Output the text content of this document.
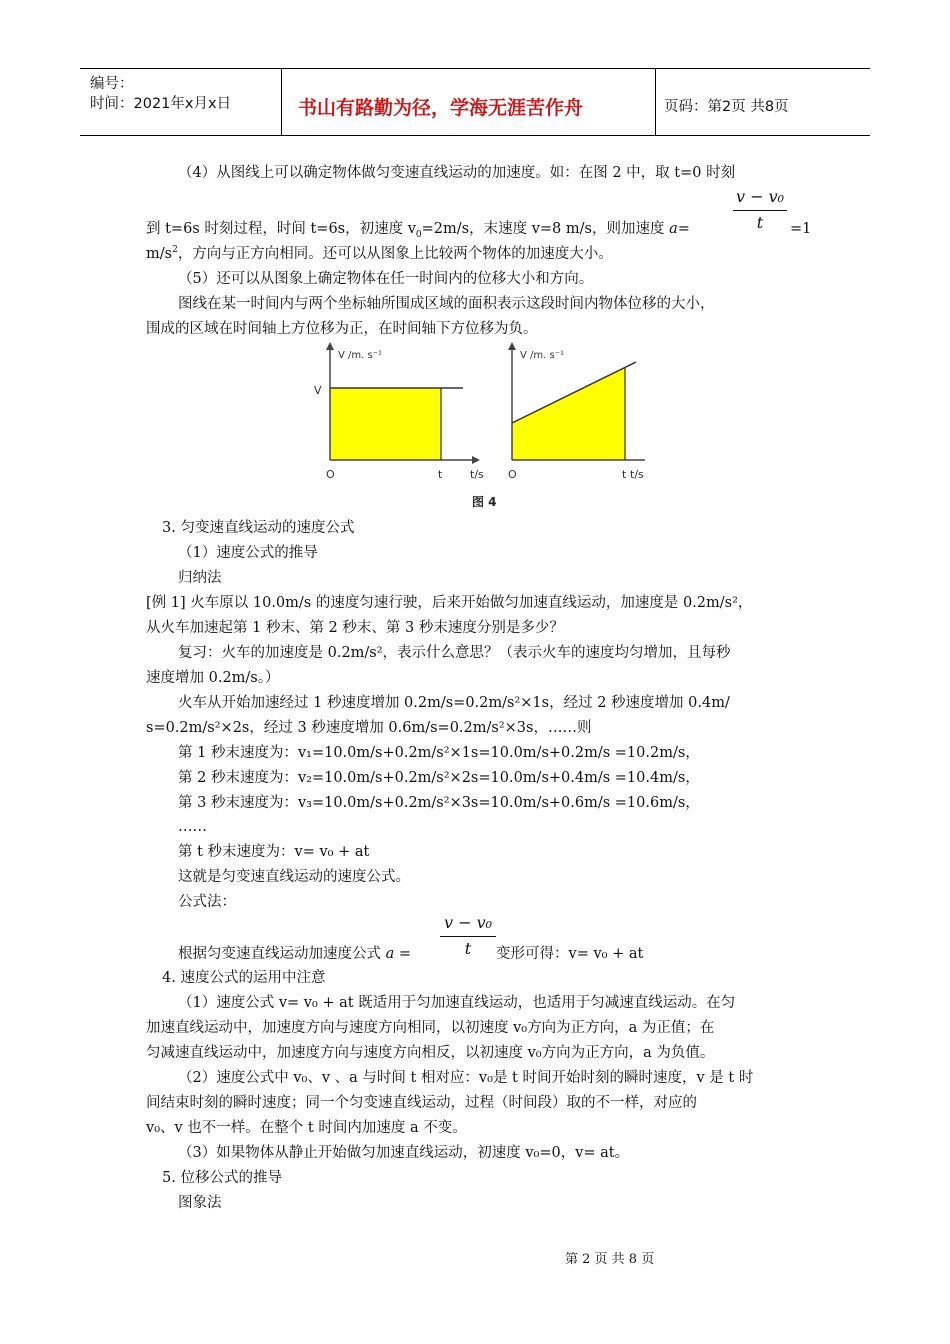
编号：
时间：2021年x月x日	书山有路勤为径，学海无涯苦作舟	页码：第2页 共8页
（4）从图线上可以确定物体做匀变速直线运动的加速度。如：在图 2 中，取 t=0 时刻
v − v₀
t
到 t=6s 时刻过程，时间 t=6s，初速度 $v_0=2m/s$，末速度 v=8 m/s，则加速度 a=	=1
$m/s^2$，方向与正方向相同。还可以从图象上比较两个物体的加速度大小。
（5）还可以从图象上确定物体在任一时间内的位移大小和方向。
图线在某一时间内与两个坐标轴所围成区域的面积表示这段时间内物体位移的大小，
围成的区域在时间轴上方位移为正，在时间轴下方位移为负。
V /m. s⁻¹
V
O	t	t/s
V /m. s⁻¹
O	t t/s
图 4
3. 匀变速直线运动的速度公式
（1）速度公式的推导
归纳法
[例 1] 火车原以 10.0m/s 的速度匀速行驶，后来开始做匀加速直线运动，加速度是 0.2m/s²，
从火车加速起第 1 秒末、第 2 秒末、第 3 秒末速度分别是多少？
复习：火车的加速度是 0.2m/s²，表示什么意思？（表示火车的速度均匀增加，且每秒
速度增加 0.2m/s。）
火车从开始加速经过 1 秒速度增加 0.2m/s=0.2m/s²×1s，经过 2 秒速度增加 0.4m/
s=0.2m/s²×2s，经过 3 秒速度增加 0.6m/s=0.2m/s²×3s，……则
第 1 秒末速度为：v₁=10.0m/s+0.2m/s²×1s=10.0m/s+0.2m/s =10.2m/s，
第 2 秒末速度为：v₂=10.0m/s+0.2m/s²×2s=10.0m/s+0.4m/s =10.4m/s，
第 3 秒末速度为：v₃=10.0m/s+0.2m/s²×3s=10.0m/s+0.6m/s =10.6m/s，
……
第 t 秒末速度为：v= v₀ + at
这就是匀变速直线运动的速度公式。
公式法：
v − v₀
t
根据匀变速直线运动加速度公式 a =	变形可得：v= v₀ + at
4. 速度公式的运用中注意
（1）速度公式 v= v₀ + at 既适用于匀加速直线运动，也适用于匀减速直线运动。在匀
加速直线运动中，加速度方向与速度方向相同，以初速度 v₀方向为正方向，a 为正值；在
匀减速直线运动中，加速度方向与速度方向相反，以初速度 v₀方向为正方向，a 为负值。
（2）速度公式中 v₀、v 、a 与时间 t 相对应：v₀是 t 时间开始时刻的瞬时速度，v 是 t 时
间结束时刻的瞬时速度；同一个匀变速直线运动，过程（时间段）取的不一样，对应的
v₀、v 也不一样。在整个 t 时间内加速度 a 不变。
（3）如果物体从静止开始做匀加速直线运动，初速度 v₀=0，v= at。
5. 位移公式的推导
图象法
第 2 页 共 8 页
